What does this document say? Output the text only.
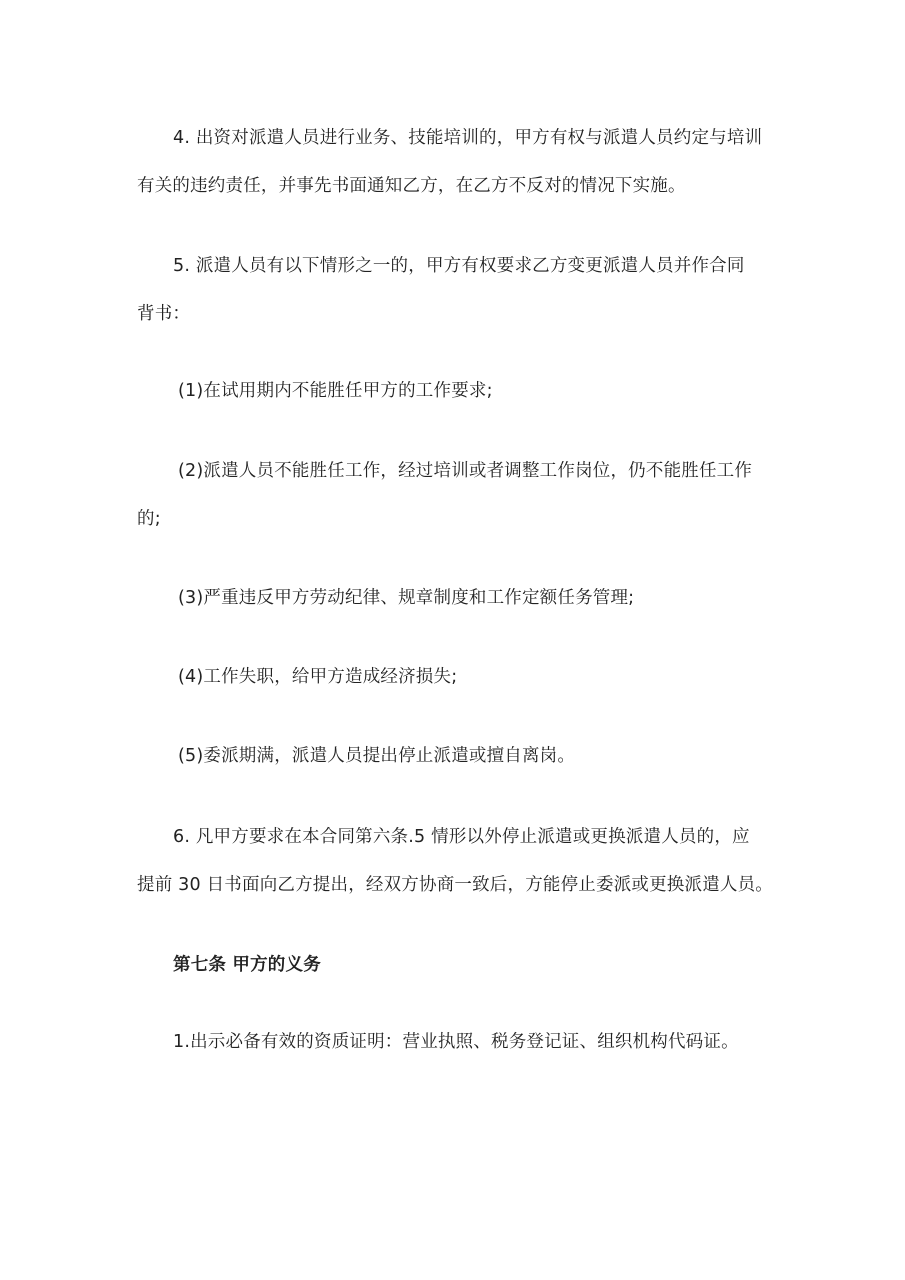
4. 出资对派遣人员进行业务、技能培训的，甲方有权与派遣人员约定与培训
有关的违约责任，并事先书面通知乙方，在乙方不反对的情况下实施。
5. 派遣人员有以下情形之一的，甲方有权要求乙方变更派遣人员并作合同
背书：
(1)在试用期内不能胜任甲方的工作要求;
(2)派遣人员不能胜任工作，经过培训或者调整工作岗位，仍不能胜任工作
的;
(3)严重违反甲方劳动纪律、规章制度和工作定额任务管理;
(4)工作失职，给甲方造成经济损失;
(5)委派期满，派遣人员提出停止派遣或擅自离岗。
6. 凡甲方要求在本合同第六条.5 情形以外停止派遣或更换派遣人员的，应
提前 30 日书面向乙方提出，经双方协商一致后，方能停止委派或更换派遣人员。
第七条 甲方的义务
1.出示必备有效的资质证明：营业执照、税务登记证、组织机构代码证。
